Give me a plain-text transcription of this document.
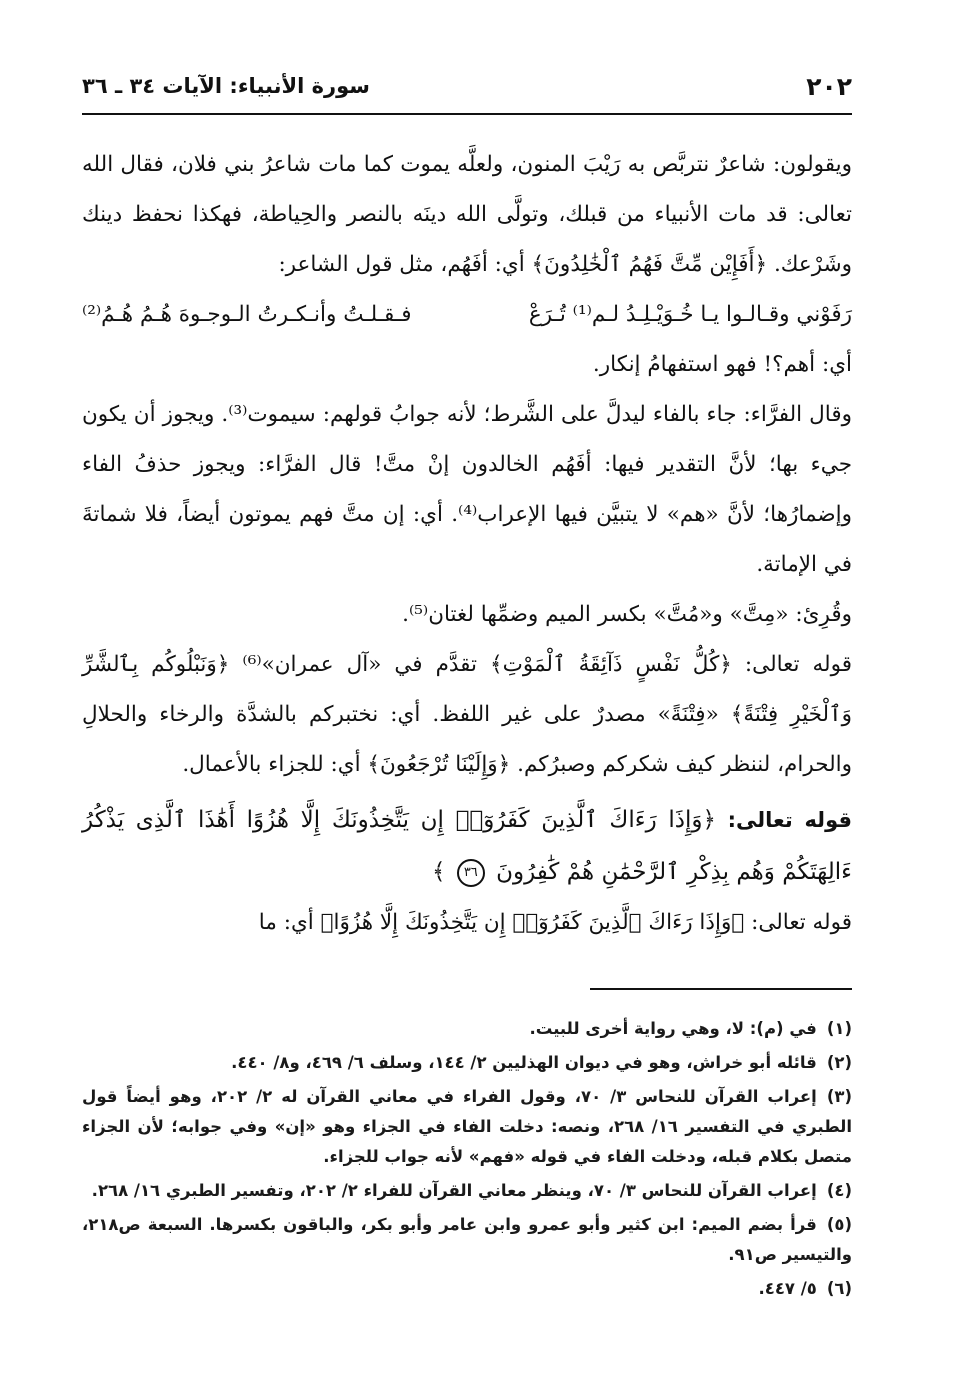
٢٠٢
سورة الأنبياء: الآيات ٣٤ ـ ٣٦

ويقولون: شاعرٌ نتربَّص به رَيْبَ المنون، ولعلَّه يموت كما مات شاعرُ بني فلان، فقال الله تعالى: قد مات الأنبياء من قبلك، وتولَّى الله دينَه بالنصر والحِياطة، فهكذا نحفظ دينك وشَرْعك. ﴿أَفَإِيْن مِّتَّ فَهُمُ ٱلْخَٰلِدُونَ﴾ أي: أفَهُم، مثل قول الشاعر:

رَفَوْني وقـالـوا يـا خُـوَيْـلِـدُ لـم⁽¹⁾ تُـرَعْ
فـقـلـتُ وأنـكـرتُ الـوجـوهَ هُـمُ هُـمُ⁽²⁾

أي: أهم؟! فهو استفهامُ إنكار.

وقال الفرَّاء: جاء بالفاء ليدلَّ على الشَّرط؛ لأنه جوابُ قولهم: سيموت⁽³⁾. ويجوز أن يكون جيء بها؛ لأنَّ التقدير فيها: أفَهُم الخالدون إنْ متَّ! قال الفرَّاء: ويجوز حذفُ الفاء وإضمارُها؛ لأنَّ «هم» لا يتبيَّن فيها الإعراب⁽⁴⁾. أي: إن متَّ فهم يموتون أيضاً، فلا شماتةَ في الإماتة.

وقُرِئ: «مِتَّ» و«مُتَّ» بكسر الميم وضمِّها لغتان⁽⁵⁾.

قوله تعالى: ﴿كُلُّ نَفْسٍ ذَآئِقَةُ ٱلْمَوْتِ﴾ تقدَّم في «آل عمران»⁽⁶⁾ ﴿وَنَبْلُوكُم بِٱلشَّرِّ وَٱلْخَيْرِ فِتْنَةً﴾ «فِتْنَةً» مصدرٌ على غير اللفظ. أي: نختبركم بالشدَّة والرخاء والحلالِ والحرام، لننظر كيف شكركم وصبرُكم. ﴿وَإِلَيْنَا تُرْجَعُونَ﴾ أي: للجزاء بالأعمال.

قوله تعالى: ﴿وَإِذَا رَءَاكَ ٱلَّذِينَ كَفَرُوٓا۟ إِن يَتَّخِذُونَكَ إِلَّا هُزُوًا أَهَٰذَا ٱلَّذِى يَذْكُرُ ءَالِهَتَكُمْ وَهُم بِذِكْرِ ٱلرَّحْمَٰنِ هُمْ كَٰفِرُونَ ٣٦ ﴾

قوله تعالى: ﴿وَإِذَا رَءَاكَ ٱلَّذِينَ كَفَرُوٓا۟ إِن يَتَّخِذُونَكَ إِلَّا هُزُوًا﴾ أي: ما

(١)في (م): لا، وهي رواية أخرى للبيت.

(٢)قائله أبو خراش، وهو في ديوان الهذليين ٢/ ١٤٤، وسلف ٦/ ٤٦٩، و٨/ ٤٤٠.

(٣)إعراب القرآن للنحاس ٣/ ٧٠، وقول الفراء في معاني القرآن له ٢/ ٢٠٢، وهو أيضاً قول الطبري في التفسير ١٦/ ٢٦٨، ونصه: دخلت الفاء في الجزاء وهو «إن» وفي جوابه؛ لأن الجزاء متصل بكلام قبله، ودخلت الفاء في قوله «فهم» لأنه جواب للجزاء.

(٤)إعراب القرآن للنحاس ٣/ ٧٠، وينظر معاني القرآن للفراء ٢/ ٢٠٢، وتفسير الطبري ١٦/ ٢٦٨.

(٥)قرأ بضم الميم: ابن كثير وأبو عمرو وابن عامر وأبو بكر، والباقون بكسرها. السبعة ص٢١٨، والتيسير ص٩١.

(٦)٥/ ٤٤٧.
